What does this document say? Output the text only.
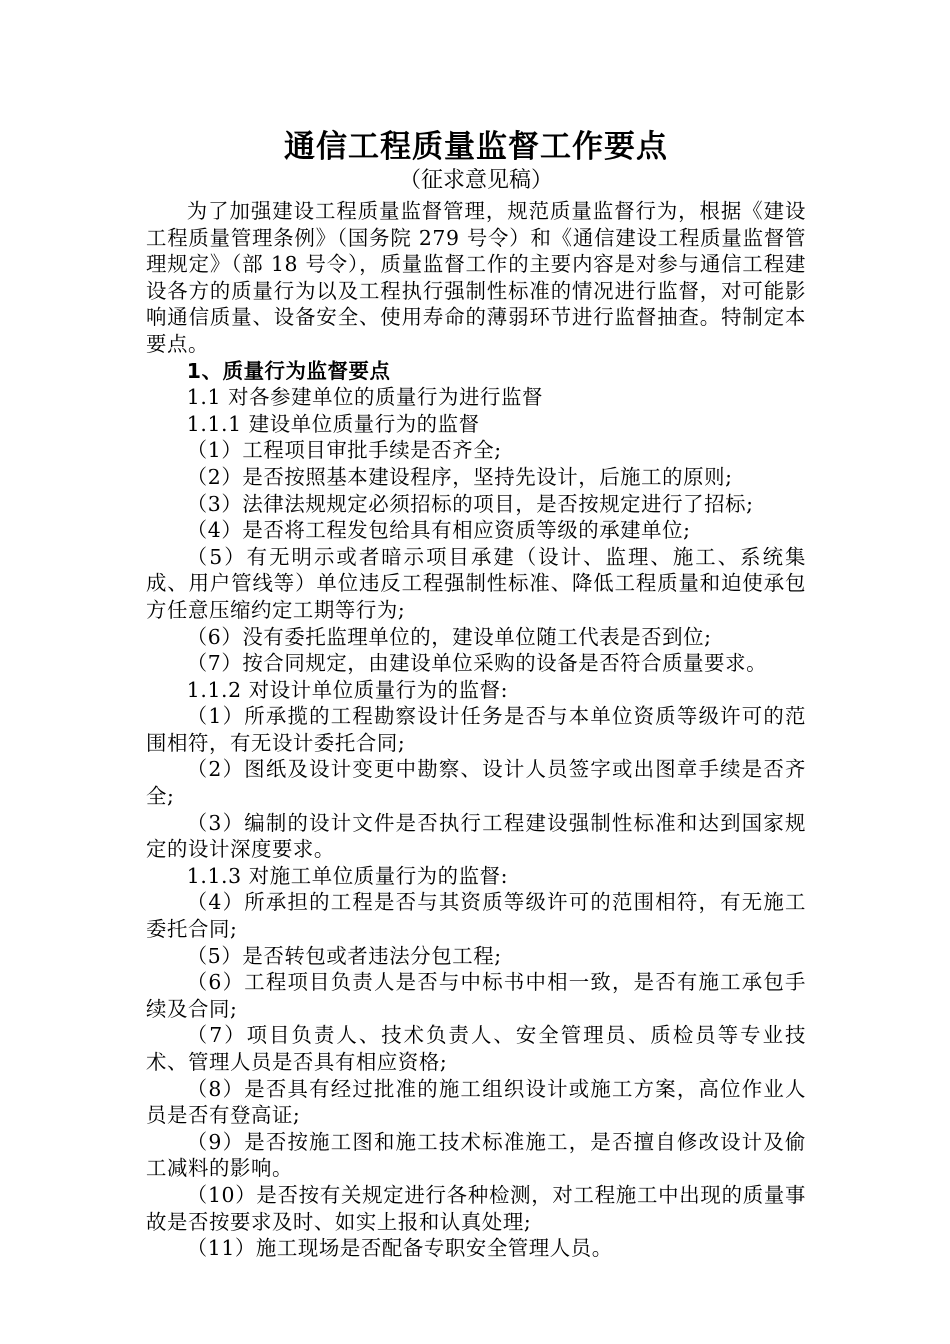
通信工程质量监督工作要点
（征求意见稿）

为了加强建设工程质量监督管理，规范质量监督行为，根据《建设工程质量管理条例》（国务院 279 号令）和《通信建设工程质量监督管理规定》（部 18 号令），质量监督工作的主要内容是对参与通信工程建设各方的质量行为以及工程执行强制性标准的情况进行监督，对可能影响通信质量、设备安全、使用寿命的薄弱环节进行监督抽查。特制定本要点。

1、质量行为监督要点

1.1 对各参建单位的质量行为进行监督

1.1.1 建设单位质量行为的监督

（1）工程项目审批手续是否齐全;

（2）是否按照基本建设程序，坚持先设计，后施工的原则;

（3）法律法规规定必须招标的项目，是否按规定进行了招标;

（4）是否将工程发包给具有相应资质等级的承建单位;

（5）有无明示或者暗示项目承建（设计、监理、施工、系统集成、用户管线等）单位违反工程强制性标准、降低工程质量和迫使承包方任意压缩约定工期等行为;

（6）没有委托监理单位的，建设单位随工代表是否到位;

（7）按合同规定，由建设单位采购的设备是否符合质量要求。

1.1.2 对设计单位质量行为的监督:

（1）所承揽的工程勘察设计任务是否与本单位资质等级许可的范围相符，有无设计委托合同;

（2）图纸及设计变更中勘察、设计人员签字或出图章手续是否齐全;

（3）编制的设计文件是否执行工程建设强制性标准和达到国家规定的设计深度要求。

1.1.3 对施工单位质量行为的监督:

（4）所承担的工程是否与其资质等级许可的范围相符，有无施工委托合同;

（5）是否转包或者违法分包工程;

（6）工程项目负责人是否与中标书中相一致，是否有施工承包手续及合同;

（7）项目负责人、技术负责人、安全管理员、质检员等专业技术、管理人员是否具有相应资格;

（8）是否具有经过批准的施工组织设计或施工方案，高位作业人员是否有登高证;

（9）是否按施工图和施工技术标准施工，是否擅自修改设计及偷工减料的影响。

（10）是否按有关规定进行各种检测，对工程施工中出现的质量事故是否按要求及时、如实上报和认真处理;

（11）施工现场是否配备专职安全管理人员。
